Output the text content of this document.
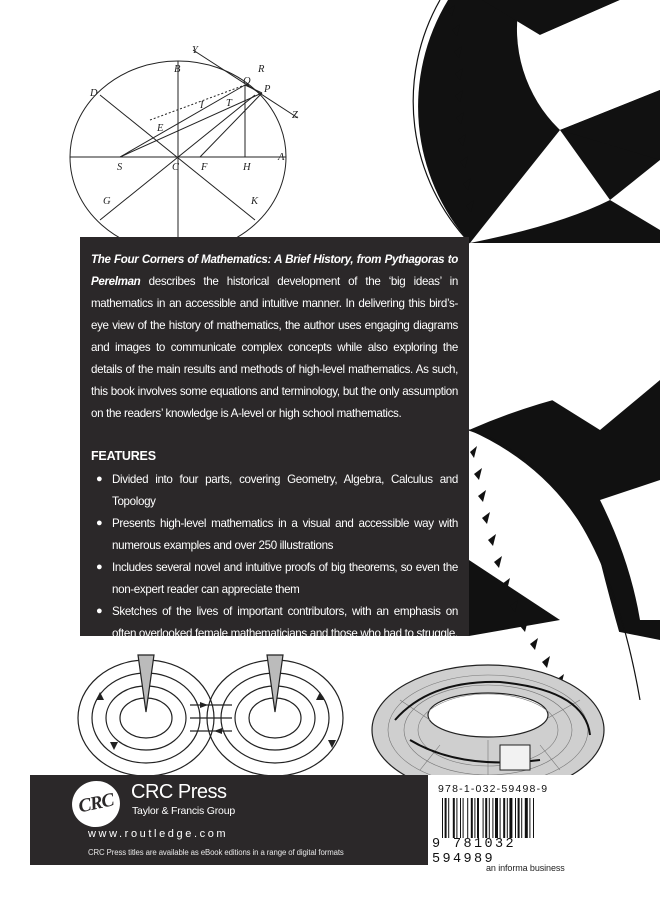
Y
B	R
Q
P
D
I T
Z
E
S	C F	H
A
G	K

The Four Corners of Mathematics: A Brief History, from Pythagoras to Perelman describes the historical development of the ‘big ideas’ in mathematics in an accessible and intuitive manner. In delivering this bird’s-eye view of the history of mathematics, the author uses engaging diagrams and images to communicate complex concepts while also exploring the details of the main results and methods of high-level mathematics. As such, this book involves some equations and terminology, but the only assumption on the readers’ knowledge is A-level or high school mathematics.

FEATURES
● Divided into four parts, covering Geometry, Algebra, Calculus and Topology
● Presents high-level mathematics in a visual and accessible way with numerous examples and over 250 illustrations
● Includes several novel and intuitive proofs of big theorems, so even the non-expert reader can appreciate them
● Sketches of the lives of important contributors, with an emphasis on often overlooked female mathematicians and those who had to struggle.
CRC CRC Press
Taylor & Francis Group
www.routledge.com
CRC Press titles are available as eBook editions in a range of digital formats
978-1-032-59498-9
9 781032 594989
an informa business
